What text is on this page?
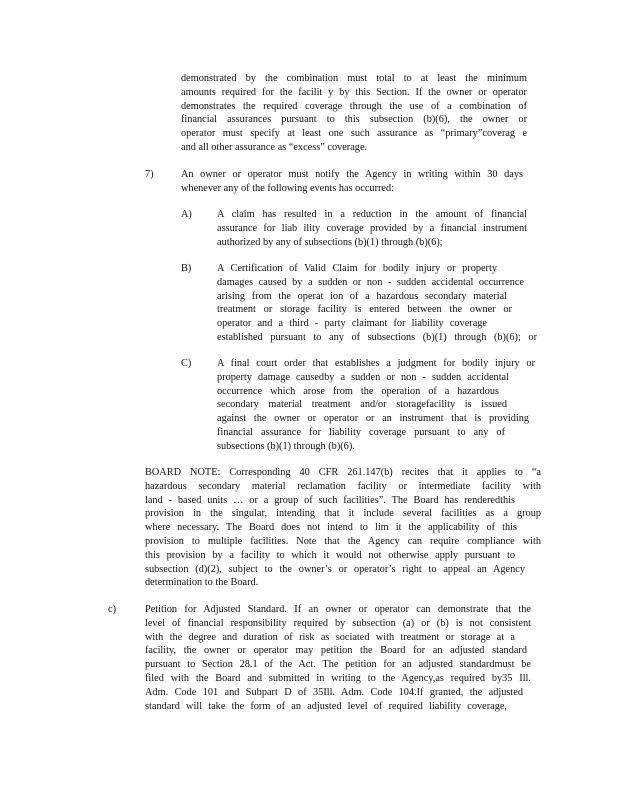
demonstrated by the combination must total to at least the minimum
amounts required for the facilit y by this Section. If the owner or operator
demonstrates the required coverage through the use of a combination of
financial assurances pursuant to this subsection (b)(6), the owner or
operator must specify at least one such assurance as “primary”coverag e
and all other assurance as “excess” coverage.
7)	An owner or operator must notify the Agency in writing within 30 days
whenever any of the following events has occurred:
A) A claim has resulted in a reduction in the amount of financial
assurance for liab ility coverage provided by a financial instrument
authorized by any of subsections (b)(1) through (b)(6);
B) A Certification of Valid Claim for bodily injury or property
damages caused by a sudden or non - sudden accidental occurrence
arising from the operat ion of a hazardous secondary material
treatment or storage facility is entered between the owner or
operator and a third - party claimant for liability coverage
established pursuant to any of subsections (b)(1) through (b)(6); or
C) A final court order that establishes a judgment for bodily injury or
property damage causedby a sudden or non - sudden accidental
occurrence which arose from the operation of a hazardous
secondary material treatment and/or storagefacility is issued
against the owner or operator or an instrument that is providing
financial assurance for liability coverage pursuant to any of
subsections (b)(1) through (b)(6).
BOARD NOTE: Corresponding 40 CFR 261.147(b) recites that it applies to “a
hazardous secondary material reclamation facility or intermediate facility with
land - based units … or a group of such facilities”. The Board has renderedthis
provision in the singular, intending that it include several facilities as a group
where necessary. The Board does not intend to lim it the applicability of this
provision to multiple facilities. Note that the Agency can require compliance with
this provision by a facility to which it would not otherwise apply pursuant to
subsection (d)(2), subject to the owner’s or operator’s right to appeal an Agency
determination to the Board.
c)	Petition for Adjusted Standard. If an owner or operator can demonstrate that the
level of financial responsibility required by subsection (a) or (b) is not consistent
with the degree and duration of risk as sociated with treatment or storage at a
facility, the owner or operator may petition the Board for an adjusted standard
pursuant to Section 28.1 of the Act. The petition for an adjusted standardmust be
filed with the Board and submitted in writing to the Agency,as required by35 Ill.
Adm. Code 101 and Subpart D of 35Ill. Adm. Code 104.If granted, the adjusted
standard will take the form of an adjusted level of required liability coverage,
